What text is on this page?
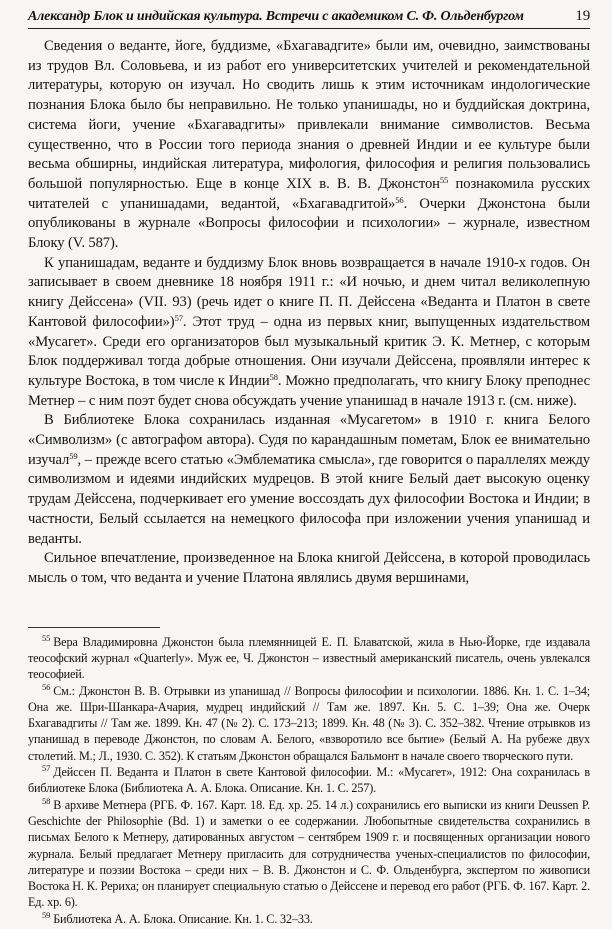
Александр Блок и индийская культура. Встречи с академиком С. Ф. Ольденбургом	19

Сведения о веданте, йоге, буддизме, «Бхагавадгите» были им, очевидно, заимствованы из трудов Вл. Соловьева, и из работ его университетских учителей и рекомендательной литературы, которую он изучал. Но сводить лишь к этим источникам индологические познания Блока было бы неправильно. Не только упанишады, но и буддийская доктрина, система йоги, учение «Бхагавадгиты» привлекали внимание символистов. Весьма существенно, что в России того периода знания о древней Индии и ее культуре были весьма обширны, индийская литература, мифология, философия и религия пользовались большой популярностью. Еще в конце XIX в. В. В. Джонстон$^{55}$ познакомила русских читателей с упанишадами, ведантой, «Бхагавадгитой»$^{56}$. Очерки Джонстона были опубликованы в журнале «Вопросы философии и психологии» – журнале, известном Блоку (V. 587).

К упанишадам, веданте и буддизму Блок вновь возвращается в начале 1910-х годов. Он записывает в своем дневнике 18 ноября 1911 г.: «И ночью, и днем читал великолепную книгу Дейссена» (VII. 93) (речь идет о книге П. П. Дейссена «Веданта и Платон в свете Кантовой философии»)$^{57}$. Этот труд – одна из первых книг, выпущенных издательством «Мусагет». Среди его организаторов был музыкальный критик Э. К. Метнер, с которым Блок поддерживал тогда добрые отношения. Они изучали Дейссена, проявляли интерес к культуре Востока, в том числе к Индии$^{58}$. Можно предполагать, что книгу Блоку преподнес Метнер – с ним поэт будет снова обсуждать учение упанишад в начале 1913 г. (см. ниже).

В Библиотеке Блока сохранилась изданная «Мусагетом» в 1910 г. книга Белого «Символизм» (с автографом автора). Судя по карандашным пометам, Блок ее внимательно изучал$^{59}$, – прежде всего статью «Эмблематика смысла», где говорится о параллелях между символизмом и идеями индийских мудрецов. В этой книге Белый дает высокую оценку трудам Дейссена, подчеркивает его умение воссоздать дух философии Востока и Индии; в частности, Белый ссылается на немецкого философа при изложении учения упанишад и веданты.

Сильное впечатление, произведенное на Блока книгой Дейссена, в которой проводилась мысль о том, что веданта и учение Платона являлись двумя вершинами,

$^{55}$ Вера Владимировна Джонстон была племянницей Е. П. Блаватской, жила в Нью-Йорке, где издавала теософский журнал «Quarterly». Муж ее, Ч. Джонстон – известный американский писатель, очень увлекался теософией.

$^{56}$ См.: Джонстон В. В. Отрывки из упанишад // Вопросы философии и психологии. 1886. Кн. 1. С. 1–34; Она же. Шри-Шанкара-Ачария, мудрец индийский // Там же. 1897. Кн. 5. С. 1–39; Она же. Очерк Бхагавадгиты // Там же. 1899. Кн. 47 (№ 2). С. 173–213; 1899. Кн. 48 (№ 3). С. 352–382. Чтение отрывков из упанишад в переводе Джонстон, по словам А. Белого, «взворотило все бытие» (Белый А. На рубеже двух столетий. М.; Л., 1930. С. 352). К статьям Джонстон обращался Бальмонт в начале своего творческого пути.

$^{57}$ Дейссен П. Веданта и Платон в свете Кантовой философии. М.: «Мусагет», 1912: Она сохранилась в библиотеке Блока (Библиотека А. А. Блока. Описание. Кн. 1. С. 257).

$^{58}$ В архиве Метнера (РГБ. Ф. 167. Карт. 18. Ед. хр. 25. 14 л.) сохранились его выписки из книги Deussen P. Geschichte der Philosophie (Bd. 1) и заметки о ее содержании. Любопытные свидетельства сохранились в письмах Белого к Метнеру, датированных августом – сентябрем 1909 г. и посвященных организации нового журнала. Белый предлагает Метнеру пригласить для сотрудничества ученых-специалистов по философии, литературе и поэзии Востока – среди них – В. В. Джонстон и С. Ф. Ольденбурга, экспертом по живописи Востока Н. К. Рериха; он планирует специальную статью о Дейссене и перевод его работ (РГБ. Ф. 167. Карт. 2. Ед. хр. 6).

$^{59}$ Библиотека А. А. Блока. Описание. Кн. 1. С. 32–33.
